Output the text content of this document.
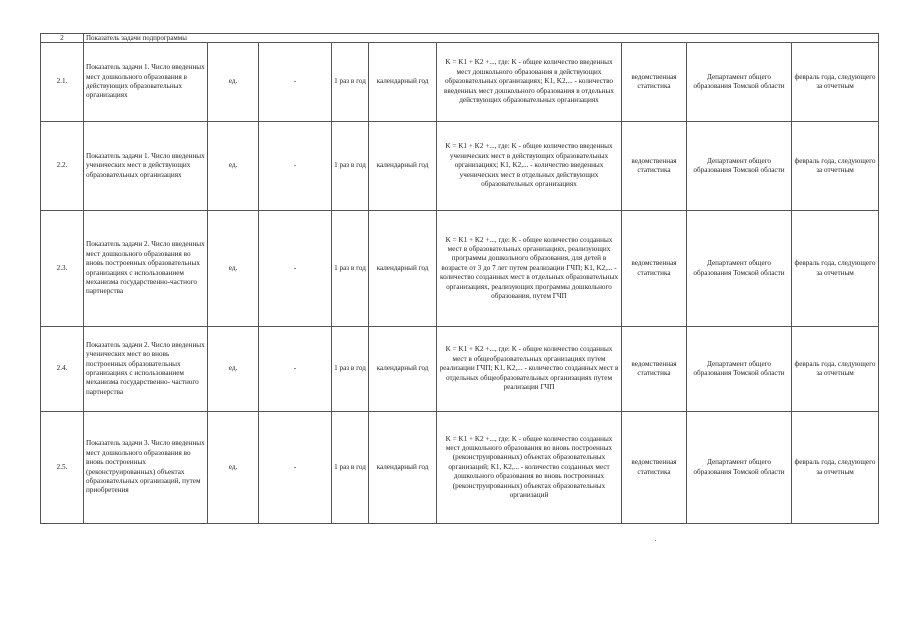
2	Показатель задачи подпрограммы								
2.1.	Показатель задачи 1. Число введенных мест дошкольного образования в действующих образовательных организациях	ед.	-	1 раз в год	календарный год	K = K1 + K2 +..., где: K - общее количество введенных мест дошкольного образования в действующих образовательных организациях; K1, K2,... - количество введенных мест дошкольного образования в отдельных действующих образовательных организациях	ведомственная статистика	Департамент общего образования Томской области	февраль года, следующего за отчетным
2.2.	Показатель задачи 1. Число введенных ученических мест в действующих образовательных организациях	ед.	-	1 раз в год	календарный год	K = K1 + K2 +..., где: K - общее количество введенных ученических мест в действующих образовательных организациях; K1, K2,... - количество введенных ученических мест в отдельных действующих образовательных организациях	ведомственная статистика	Департамент общего образования Томской области	февраль года, следующего за отчетным
2.3.	Показатель задачи 2. Число введенных мест дошкольного образования во вновь построенных образовательных организациях с использованием механизма государственно-частного партнерства	ед.	-	1 раз в год	календарный год	K = K1 + K2 +..., где: K - общее количество созданных мест в образовательных организациях, реализующих программы дошкольного образования, для детей в возрасте от 3 до 7 лет путем реализации ГЧП; K1, K2,... - количество созданных мест в отдельных образовательных организациях, реализующих программы дошкольного образования, путем ГЧП	ведомственная статистика	Департамент общего образования Томской области	февраль года, следующего за отчетным
2.4.	Показатель задачи 2. Число введенных ученических мест во вновь построенных образовательных организациях с использованием механизма государственно- частного партнерства	ед.	-	1 раз в год	календарный год	K = K1 + K2 +..., где: K - общее количество созданных мест в общеобразовательных организациях путем реализации ГЧП; K1, K2,... - количество созданных мест в отдельных общеобразовательных организациях путем реализации ГЧП	ведомственная статистика	Департамент общего образования Томской области	февраль года, следующего за отчетным
2.5.	Показатель задачи 3. Число введенных мест дошкольного образования во вновь построенных (реконструированных) объектах образовательных организаций, путем приобретения	ед.	-	1 раз в год	календарный год	K = K1 + K2 +..., где: K - общее количество созданных мест дошкольного образования во вновь построенных (реконструированных) объектах образовательных организаций; K1, K2,... - количество созданных мест дошкольного образования во вновь построенных (реконструированных) объектах образовательных организаций	ведомственная статистика	Департамент общего образования Томской области	февраль года, следующего за отчетным
